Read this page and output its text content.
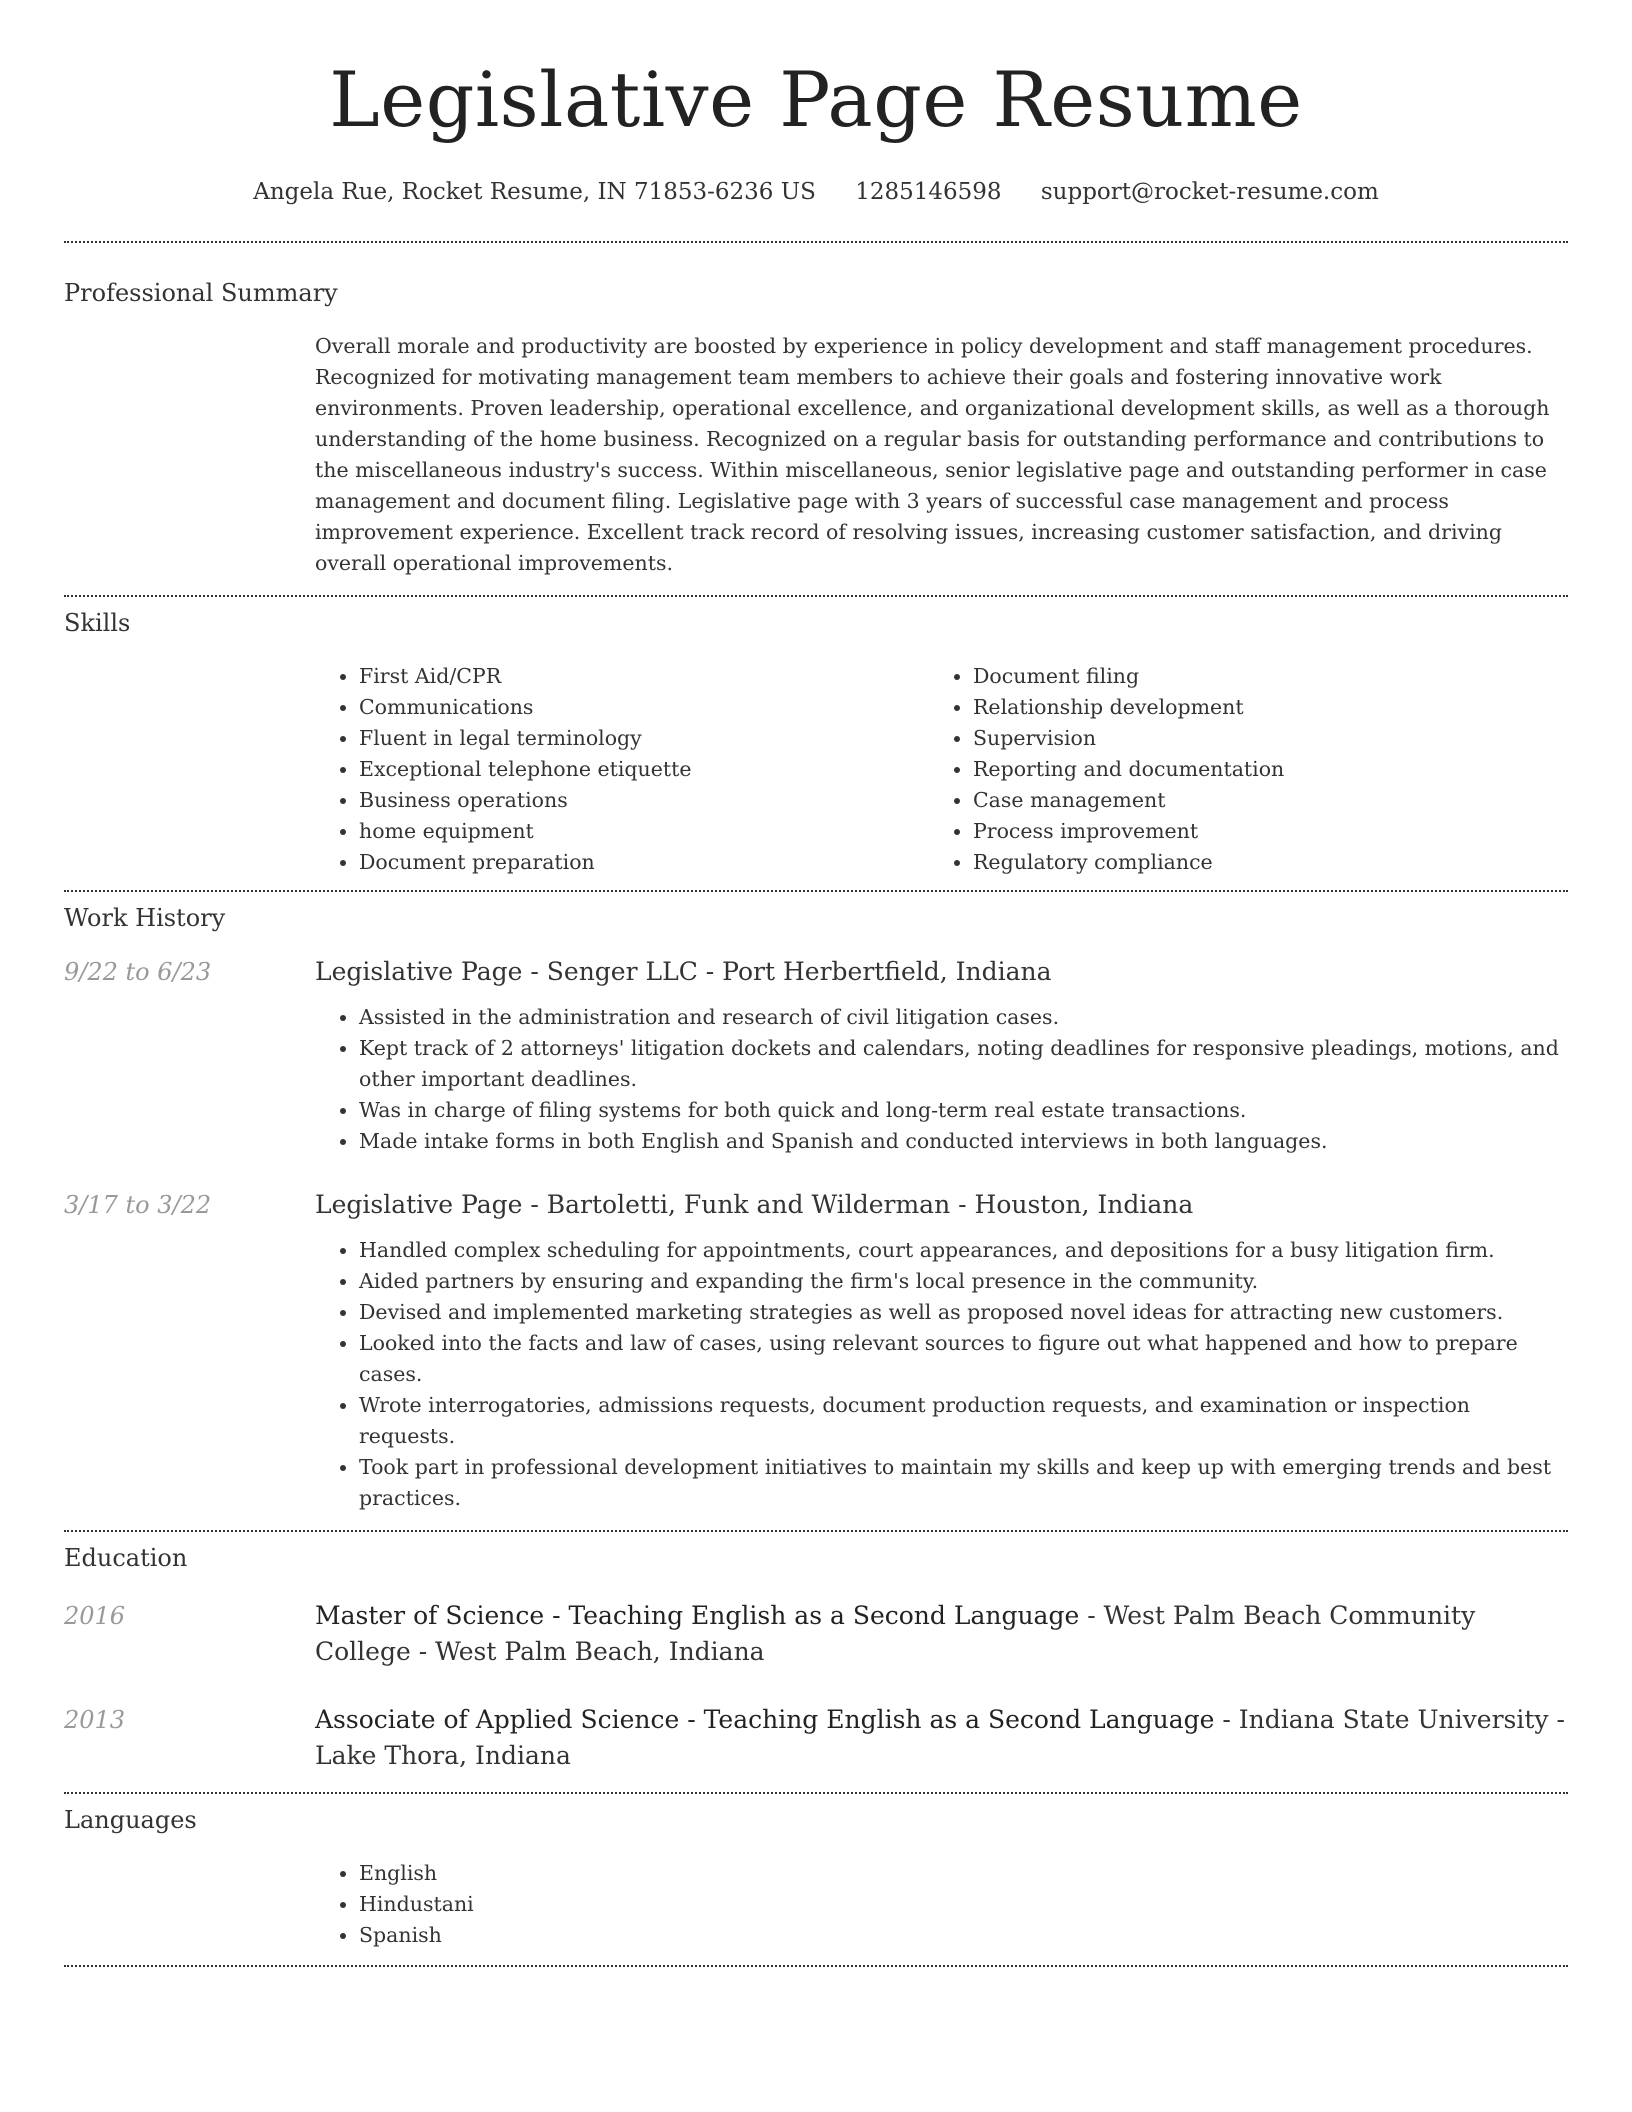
Legislative Page Resume
Angela Rue, Rocket Resume, IN 71853-6236 US 1285146598 support@rocket-resume.com
Professional Summary

Overall morale and productivity are boosted by experience in policy development and staff management procedures. Recognized for motivating management team members to achieve their goals and fostering innovative work environments. Proven leadership, operational excellence, and organizational development skills, as well as a thorough understanding of the home business. Recognized on a regular basis for outstanding performance and contributions to the miscellaneous industry's success. Within miscellaneous, senior legislative page and outstanding performer in case management and document filing. Legislative page with 3 years of successful case management and process improvement experience. Excellent track record of resolving issues, increasing customer satisfaction, and driving overall operational improvements.

Skills
• First Aid/CPR
• Communications
• Fluent in legal terminology
• Exceptional telephone etiquette
• Business operations
• home equipment
• Document preparation
• Document filing
• Relationship development
• Supervision
• Reporting and documentation
• Case management
• Process improvement
• Regulatory compliance
Work History
9/22 to 6/23	Legislative Page - Senger LLC - Port Herbertfield, Indiana

• Assisted in the administration and research of civil litigation cases.
• Kept track of 2 attorneys' litigation dockets and calendars, noting deadlines for responsive pleadings, motions, and other important deadlines.
• Was in charge of filing systems for both quick and long-term real estate transactions.
• Made intake forms in both English and Spanish and conducted interviews in both languages.
3/17 to 3/22	Legislative Page - Bartoletti, Funk and Wilderman - Houston, Indiana

• Handled complex scheduling for appointments, court appearances, and depositions for a busy litigation firm.
• Aided partners by ensuring and expanding the firm's local presence in the community.
• Devised and implemented marketing strategies as well as proposed novel ideas for attracting new customers.
• Looked into the facts and law of cases, using relevant sources to figure out what happened and how to prepare cases.
• Wrote interrogatories, admissions requests, document production requests, and examination or inspection requests.
• Took part in professional development initiatives to maintain my skills and keep up with emerging trends and best practices.
Education
2016	Master of Science - Teaching English as a Second Language - West Palm Beach Community College - West Palm Beach, Indiana

2013	Associate of Applied Science - Teaching English as a Second Language - Indiana State University - Lake Thora, Indiana

Languages
• English
• Hindustani
• Spanish
